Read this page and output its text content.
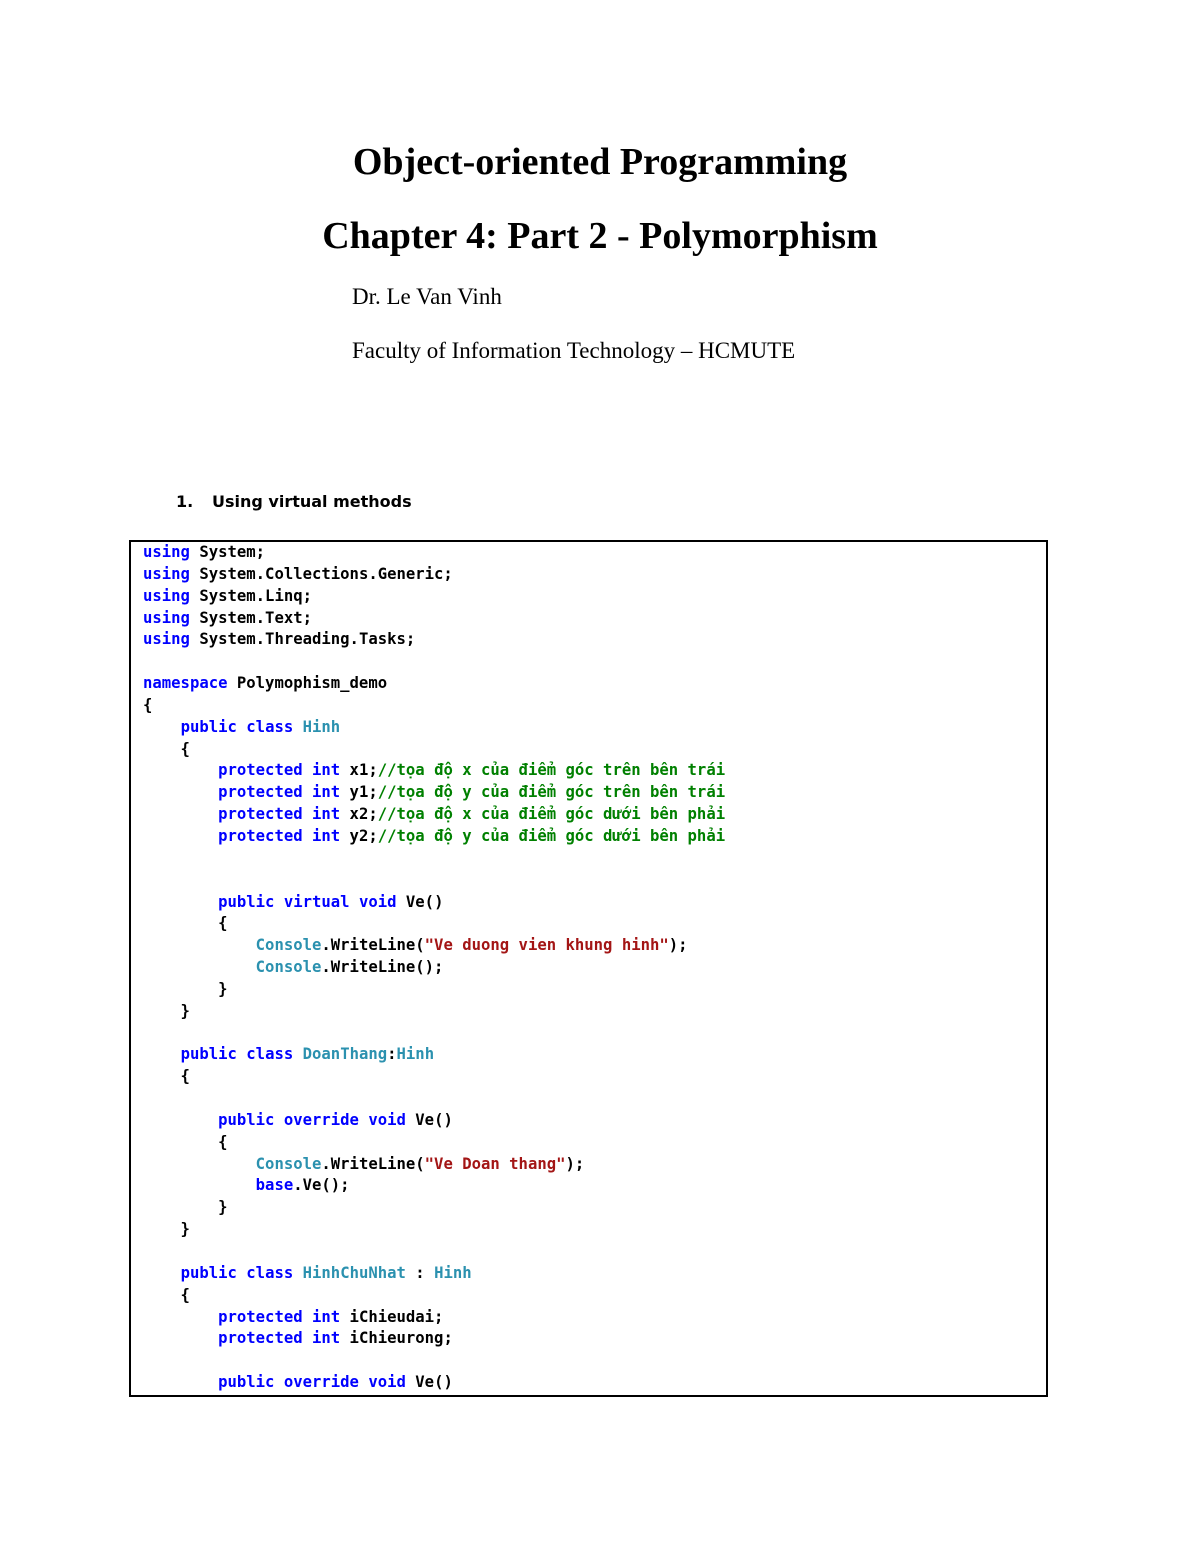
Object-oriented Programming
Chapter 4: Part 2 - Polymorphism

Dr. Le Van Vinh

Faculty of Information Technology – HCMUTE

1.	Using virtual methods
using System;
using System.Collections.Generic;
using System.Linq;
using System.Text;
using System.Threading.Tasks;

namespace Polymophism_demo
{
public class Hinh
{
protected int x1;//tọa độ x của điểm góc trên bên trái
protected int y1;//tọa độ y của điểm góc trên bên trái
protected int x2;//tọa độ x của điểm góc dưới bên phải
protected int y2;//tọa độ y của điểm góc dưới bên phải

public virtual void Ve()
{
Console.WriteLine("Ve duong vien khung hinh");
Console.WriteLine();
}
}

public class DoanThang:Hinh
{

public override void Ve()
{
Console.WriteLine("Ve Doan thang");
base.Ve();
}
}

public class HinhChuNhat : Hinh
{
protected int iChieudai;
protected int iChieurong;

public override void Ve()
